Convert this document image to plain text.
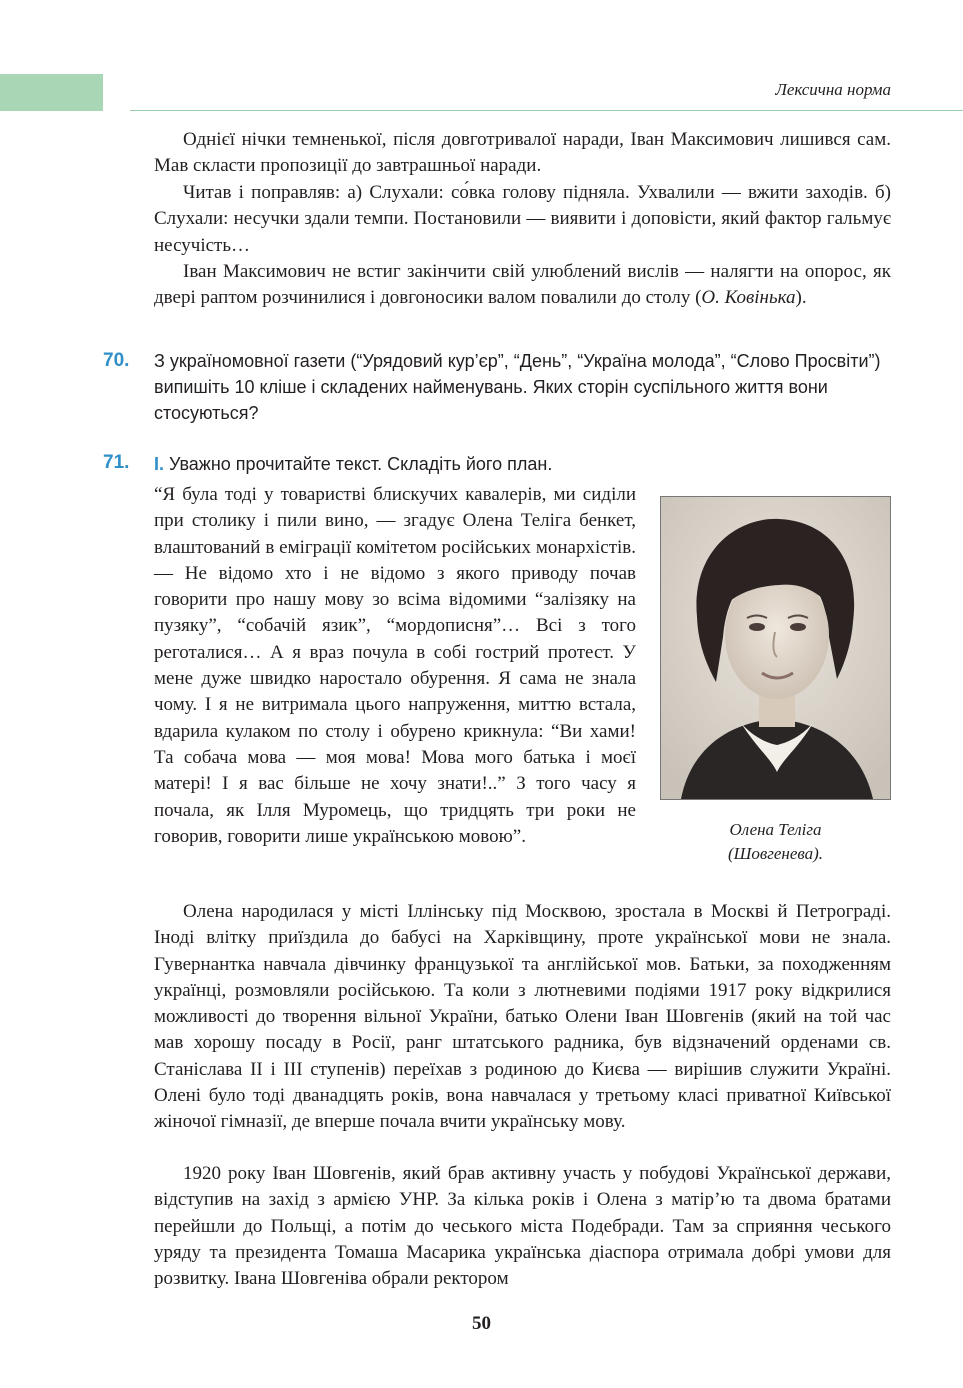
Лексична норма

Однієї нічки темненької, після довготривалої наради, Іван Максимович лишився сам. Мав скласти пропозиції до завтрашньої наради.

Читав і поправляв: а) Слухали: со́вка голову підняла. Ухвалили — вжити заходів. б) Слухали: несучки здали темпи. Постановили — виявити і доповісти, який фактор гальмує несучість…

Іван Максимович не встиг закінчити свій улюблений вислів — налягти на опорос, як двері раптом розчинилися і довгоносики валом повалили до столу (О. Ковінька).

70. З україномовної газети (“Урядовий кур’єр”, “День”, “Україна молода”, “Слово Просвіти”) випишіть 10 кліше і складених найменувань. Яких сторін суспільного життя вони стосуються?

71. I. Уважно прочитайте текст. Складіть його план.

“Я була тоді у товаристві блискучих кавалерів, ми сиділи при столику і пили вино, — згадує Олена Теліга бенкет, влаштований в еміграції комітетом російських монархістів. — Не відомо хто і не відомо з якого приводу почав говорити про нашу мову зо всіма відомими “залізяку на пузяку”, “собачій язик”, “мордописня”… Всі з того реготалися… А я враз почула в собі гострий протест. У мене дуже швидко наростало обурення. Я сама не знала чому. І я не витримала цього напруження, миттю встала, вдарила кулаком по столу і обурено крикнула: “Ви хами! Та собача мова — моя мова! Мова мого батька і моєї матері! І я вас більше не хочу знати!..” З того часу я почала, як Ілля Муромець, що тридцять три роки не говорив, говорити лише українською мовою”.	Олена Теліга
(Шовгенева).

Олена народилася у місті Іллінську під Москвою, зростала в Москві й Петрограді. Іноді влітку приїздила до бабусі на Харківщину, проте української мови не знала. Гувернантка навчала дівчинку французької та англійської мов. Батьки, за походженням українці, розмовляли російською. Та коли з лютневими подіями 1917 року відкрилися можливості до творення вільної України, батько Олени Іван Шовгенів (який на той час мав хорошу посаду в Росії, ранг штатського радника, був відзначений орденами св. Станіслава ІІ і ІІІ ступенів) переїхав з родиною до Києва — вирішив служити Україні. Олені було тоді дванадцять років, вона навчалася у третьому класі приватної Київської жіночої гімназії, де вперше почала вчити українську мову.

1920 року Іван Шовгенів, який брав активну участь у побудові Української держави, відступив на захід з армією УНР. За кілька років і Олена з матір’ю та двома братами перейшли до Польщі, а потім до чеського міста Подебради. Там за сприяння чеського уряду та президента Томаша Масарика українська діаспора отримала добрі умови для розвитку. Івана Шовгеніва обрали ректором

50
